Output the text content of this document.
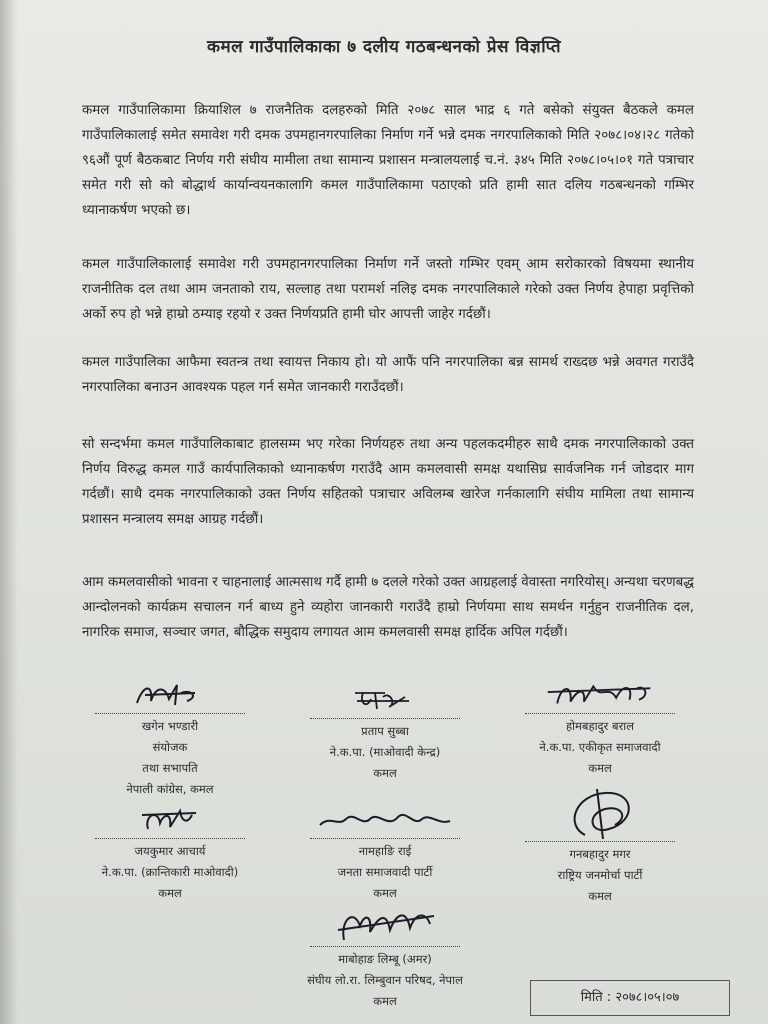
कमल गाउँपालिकाका ७ दलीय गठबन्धनको प्रेस विज्ञप्ति

कमल गाउँपालिकामा क्रियाशिल ७ राजनैतिक दलहरुको मिति २०७८ साल भाद्र ६ गते बसेको संयुक्त बैठकले कमल गाउँपालिकालाई समेत समावेश गरी दमक उपमहानगरपालिका निर्माण गर्ने भन्ने दमक नगरपालिकाको मिति २०७८।०४।२८ गतेको ९६औं पूर्ण बैठकबाट निर्णय गरी संघीय मामीला तथा सामान्य प्रशासन मन्त्रालयलाई च.नं. ३४५ मिति २०७८।०५।०१ गते पत्राचार समेत गरी सो को बोद्धार्थ कार्यान्वयनकालागि कमल गाउँपालिकामा पठाएको प्रति हामी सात दलिय गठबन्धनको गम्भिर ध्यानाकर्षण भएको छ।

कमल गाउँपालिकालाई समावेश गरी उपमहानगरपालिका निर्माण गर्ने जस्तो गम्भिर एवम् आम सरोकारको विषयमा स्थानीय राजनीतिक दल तथा आम जनताको राय, सल्लाह तथा परामर्श नलिइ दमक नगरपालिकाले गरेको उक्त निर्णय हेपाहा प्रवृत्तिको अर्को रुप हो भन्ने हाम्रो ठम्याइ रहयो र उक्त निर्णयप्रति हामी घोर आपत्ती जाहेर गर्दछौं।

कमल गाउँपालिका आफैमा स्वतन्त्र तथा स्वायत्त निकाय हो। यो आफैं पनि नगरपालिका बन्न सामर्थ राख्दछ भन्ने अवगत गराउँदै नगरपालिका बनाउन आवश्यक पहल गर्न समेत जानकारी गराउँदछौं।

सो सन्दर्भमा कमल गाउँपालिकाबाट हालसम्म भए गरेका निर्णयहरु तथा अन्य पहलकदमीहरु साथै दमक नगरपालिकाको उक्त निर्णय विरुद्ध कमल गाउँ कार्यपालिकाको ध्यानाकर्षण गराउँदै आम कमलवासी समक्ष यथासिघ्र सार्वजनिक गर्न जोडदार माग गर्दछौं। साथै दमक नगरपालिकाको उक्त निर्णय सहितको पत्राचार अविलम्ब खारेज गर्नकालागि संघीय मामिला तथा सामान्य प्रशासन मन्त्रालय समक्ष आग्रह गर्दछौं।

आम कमलवासीको भावना र चाहनालाई आत्मसाथ गर्दै हामी ७ दलले गरेको उक्त आग्रहलाई वेवास्ता नगरियोस्। अन्यथा चरणबद्ध आन्दोलनको कार्यक्रम सचालन गर्न बाध्य हुने व्यहोरा जानकारी गराउँदै हाम्रो निर्णयमा साथ समर्थन गर्नुहुन राजनीतिक दल, नागरिक समाज, सञ्चार जगत, बौद्धिक समुदाय लगायत आम कमलवासी समक्ष हार्दिक अपिल गर्दछौं।

खगेन भण्डारी
संयोजक
तथा सभापति
नेपाली कांग्रेस, कमल
प्रताप सुब्बा
ने.क.पा. (माओवादी केन्द्र)
कमल
होमबहादुर बराल
ने.क.पा. एकीकृत समाजवादी
कमल
जयकुमार आचार्य
ने.क.पा. (क्रान्तिकारी माओवादी)
कमल
नामहाङि राई
जनता समाजवादी पार्टी
कमल
गनबहादुर मगर
राष्ट्रिय जनमोर्चा पार्टी
कमल
माबोहाङ लिम्बू (अमर)
संघीय लो.रा. लिम्बुवान परिषद, नेपाल
कमल	मिति : २०७८।०५।०७
